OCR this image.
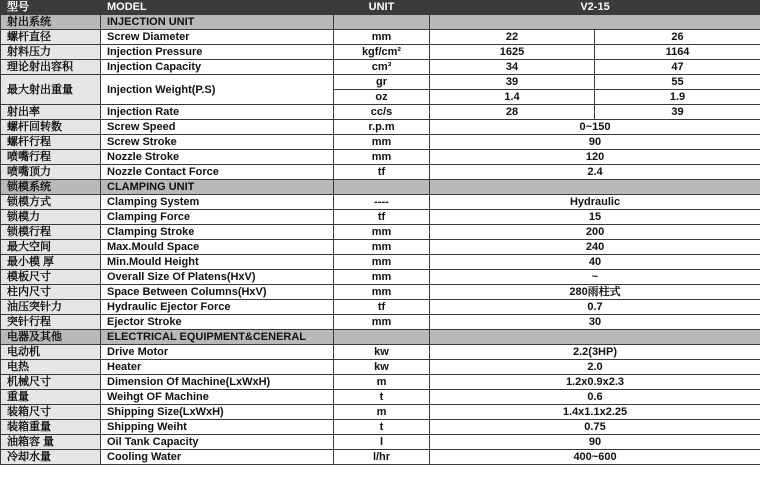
型号	MODEL	UNIT	V2-15	
射出系统	INJECTION UNIT			
螺杆直径	Screw Diameter	mm	22	26
射料压力	Injection Pressure	kgf/cm²	1625	1164
理论射出容积	Injection Capacity	cm³	34	47
最大射出重量	Injection Weight(P.S)	gr	39	55
		oz	1.4	1.9
射出率	Injection Rate	cc/s	28	39
螺杆回转数	Screw Speed	r.p.m	0~150	
螺杆行程	Screw Stroke	mm	90	
喷嘴行程	Nozzle Stroke	mm	120	
喷嘴顶力	Nozzle Contact Force	tf	2.4	
锁模系统	CLAMPING UNIT			
锁模方式	Clamping System	----	Hydraulic	
锁模力	Clamping Force	tf	15	
锁模行程	Clamping Stroke	mm	200	
最大空间	Max.Mould Space	mm	240	
最小模 厚	Min.Mould Height	mm	40	
模板尺寸	Overall Size Of Platens(HxV)	mm	~	
柱内尺寸	Space Between Columns(HxV)	mm	280雨柱式	
油压突针力	Hydraulic Ejector Force	tf	0.7	
突针行程	Ejector Stroke	mm	30	
电器及其他	ELECTRICAL EQUIPMENT&CENERAL			
电动机	Drive Motor	kw	2.2(3HP)	
电热	Heater	kw	2.0	
机械尺寸	Dimension Of Machine(LxWxH)	m	1.2x0.9x2.3	
重量	Weihgt OF Machine	t	0.6	
装箱尺寸	Shipping Size(LxWxH)	m	1.4x1.1x2.25	
装箱重量	Shipping Weiht	t	0.75	
油箱容 量	Oil Tank Capacity	l	90	
冷却水量	Cooling Water	l/hr	400~600	
